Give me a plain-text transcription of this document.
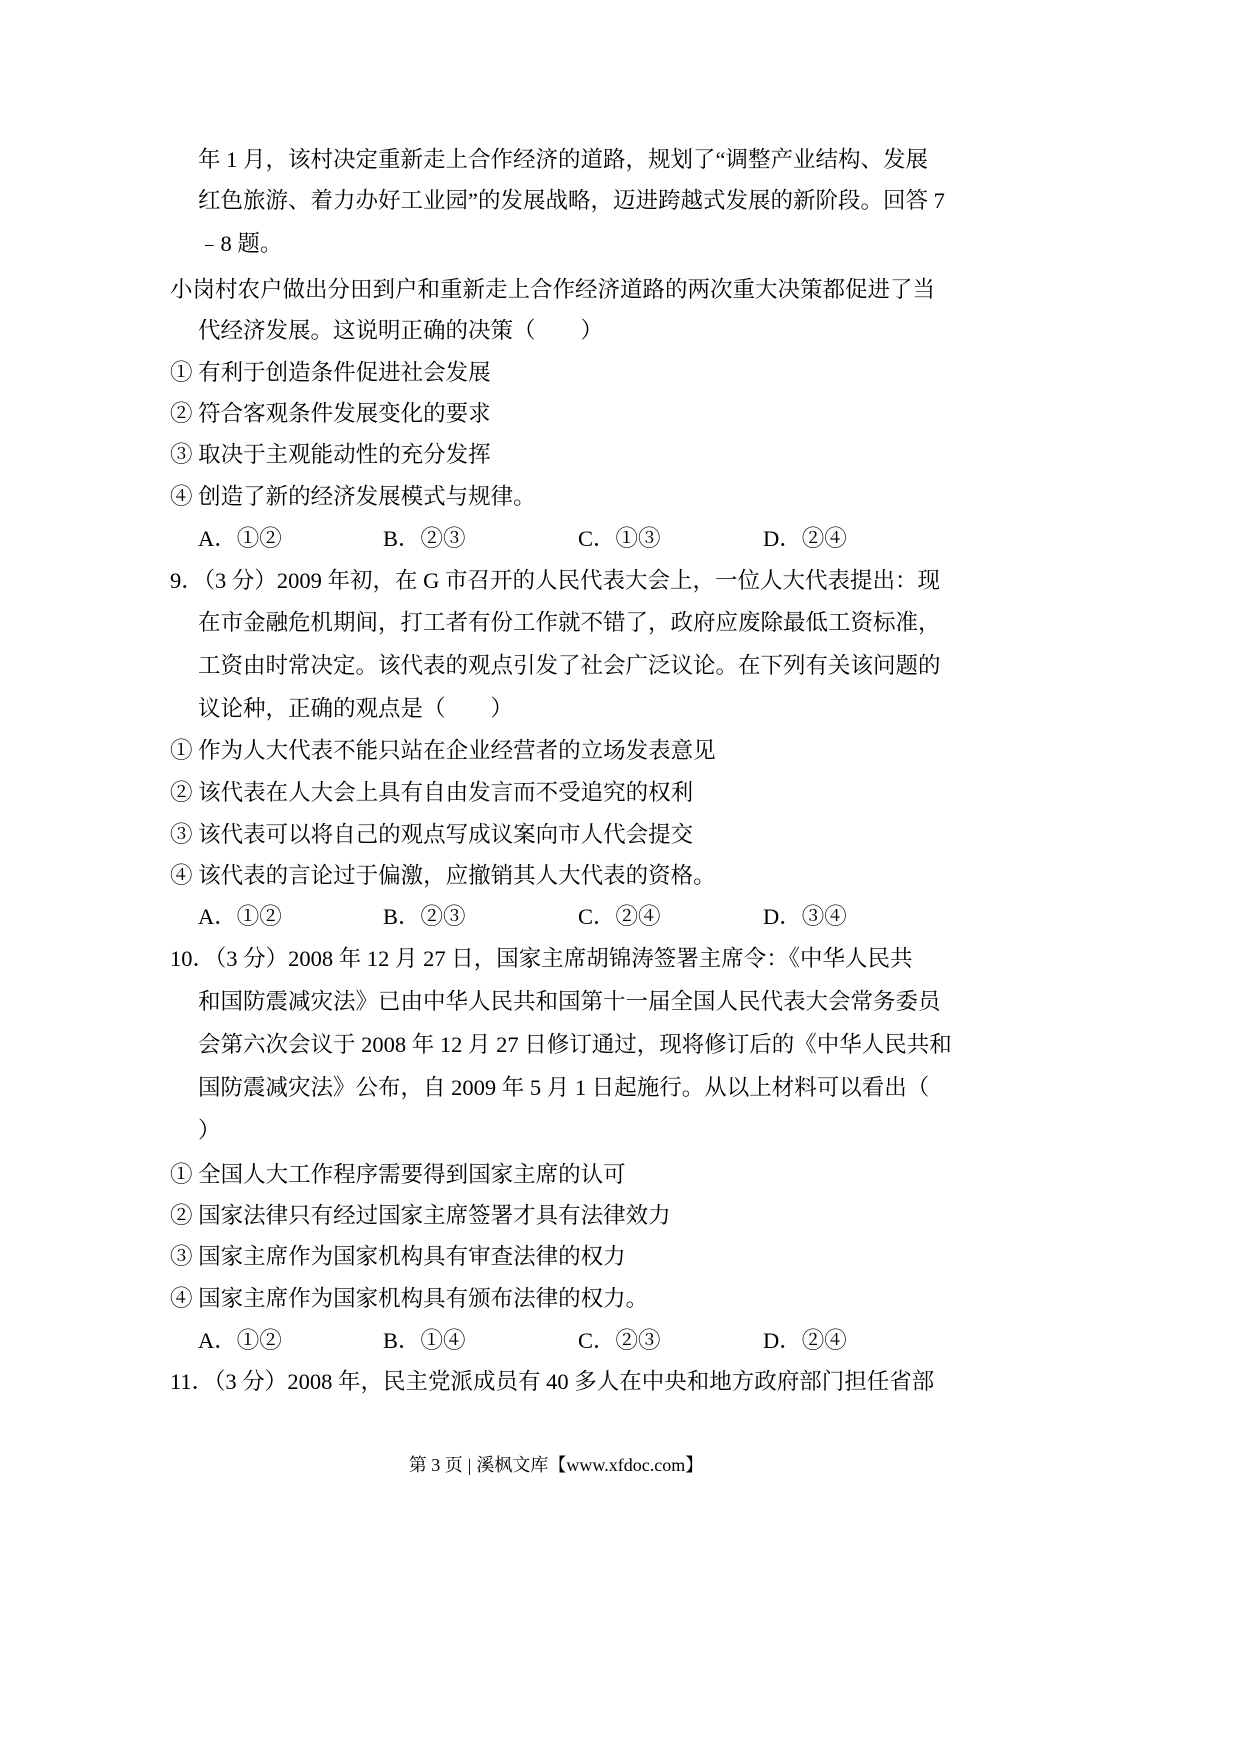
年 1 月，该村决定重新走上合作经济的道路，规划了“调整产业结构、发展
红色旅游、着力办好工业园”的发展战略，迈进跨越式发展的新阶段。回答 7
﹣8 题。
小岗村农户做出分田到户和重新走上合作经济道路的两次重大决策都促进了当
代经济发展。这说明正确的决策（　　）
① 有利于创造条件促进社会发展
② 符合客观条件发展变化的要求
③ 取决于主观能动性的充分发挥
④ 创造了新的经济发展模式与规律。
A．①②	B．②③	C．①③	D．②④
9．（3 分）2009 年初，在 G 市召开的人民代表大会上，一位人大代表提出：现
在市金融危机期间，打工者有份工作就不错了，政府应废除最低工资标准，
工资由时常决定。该代表的观点引发了社会广泛议论。在下列有关该问题的
议论种，正确的观点是（　　）
① 作为人大代表不能只站在企业经营者的立场发表意见
② 该代表在人大会上具有自由发言而不受追究的权利
③ 该代表可以将自己的观点写成议案向市人代会提交
④ 该代表的言论过于偏激，应撤销其人大代表的资格。
A．①②	B．②③	C．②④	D．③④
10．（3 分）2008 年 12 月 27 日，国家主席胡锦涛签署主席令：《中华人民共
和国防震减灾法》已由中华人民共和国第十一届全国人民代表大会常务委员
会第六次会议于 2008 年 12 月 27 日修订通过，现将修订后的《中华人民共和
国防震减灾法》公布，自 2009 年 5 月 1 日起施行。从以上材料可以看出（
）
① 全国人大工作程序需要得到国家主席的认可
② 国家法律只有经过国家主席签署才具有法律效力
③ 国家主席作为国家机构具有审查法律的权力
④ 国家主席作为国家机构具有颁布法律的权力。
A．①②	B．①④	C．②③	D．②④
11．（3 分）2008 年，民主党派成员有 40 多人在中央和地方政府部门担任省部
第 3 页 | 溪枫文库【www.xfdoc.com】
